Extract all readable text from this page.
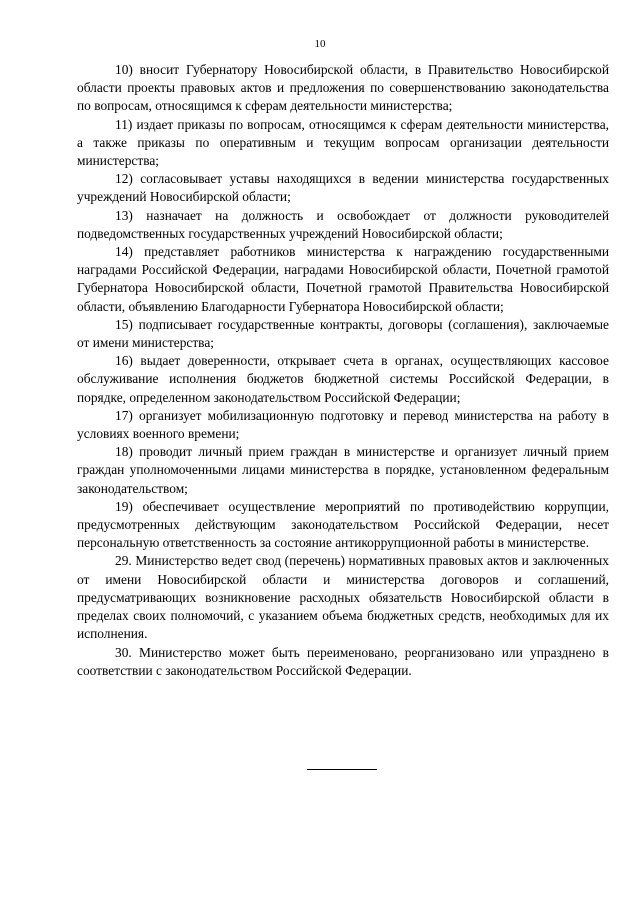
10

10) вносит Губернатору Новосибирской области, в Правительство Новосибирской области проекты правовых актов и предложения по совершенствованию законодательства по вопросам, относящимся к сферам деятельности министерства;

11) издает приказы по вопросам, относящимся к сферам деятельности министерства, а также приказы по оперативным и текущим вопросам организации деятельности министерства;

12) согласовывает уставы находящихся в ведении министерства государственных учреждений Новосибирской области;

13) назначает на должность и освобождает от должности руководителей подведомственных государственных учреждений Новосибирской области;

14) представляет работников министерства к награждению государственными наградами Российской Федерации, наградами Новосибирской области, Почетной грамотой Губернатора Новосибирской области, Почетной грамотой Правительства Новосибирской области, объявлению Благодарности Губернатора Новосибирской области;

15) подписывает государственные контракты, договоры (соглашения), заключаемые от имени министерства;

16) выдает доверенности, открывает счета в органах, осуществляющих кассовое обслуживание исполнения бюджетов бюджетной системы Российской Федерации, в порядке, определенном законодательством Российской Федерации;

17) организует мобилизационную подготовку и перевод министерства на работу в условиях военного времени;

18) проводит личный прием граждан в министерстве и организует личный прием граждан уполномоченными лицами министерства в порядке, установленном федеральным законодательством;

19) обеспечивает осуществление мероприятий по противодействию коррупции, предусмотренных действующим законодательством Российской Федерации, несет персональную ответственность за состояние антикоррупционной работы в министерстве.

29. Министерство ведет свод (перечень) нормативных правовых актов и заключенных от имени Новосибирской области и министерства договоров и соглашений, предусматривающих возникновение расходных обязательств Новосибирской области в пределах своих полномочий, с указанием объема бюджетных средств, необходимых для их исполнения.

30. Министерство может быть переименовано, реорганизовано или упразднено в соответствии с законодательством Российской Федерации.
